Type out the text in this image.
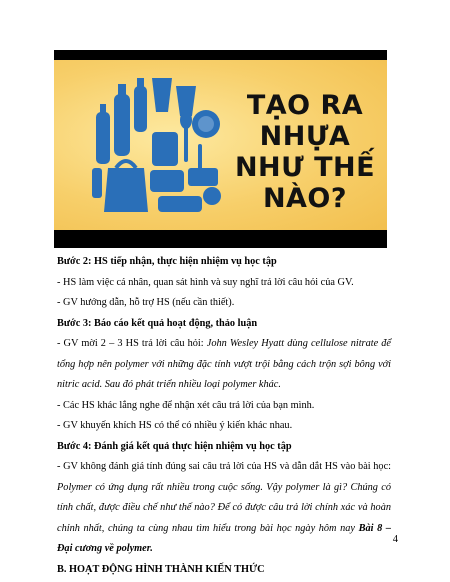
TẠO RA
NHỰA
NHƯ THẾ
NÀO?

Bước 2: HS tiếp nhận, thực hiện nhiệm vụ học tập

- HS làm việc cá nhân, quan sát hình và suy nghĩ trả lời câu hỏi của GV.

- GV hướng dẫn, hỗ trợ HS (nếu cần thiết).

Bước 3: Báo cáo kết quả hoạt động, thảo luận

- GV mời 2 – 3 HS trả lời câu hỏi: John Wesley Hyatt dùng cellulose nitrate để tổng hợp nên polymer với những đặc tính vượt trội bằng cách trộn sợi bông với nitric acid. Sau đó phát triển nhiều loại polymer khác.

- Các HS khác lắng nghe để nhận xét câu trả lời của bạn mình.

- GV khuyến khích HS có thể có nhiều ý kiến khác nhau.

Bước 4: Đánh giá kết quả thực hiện nhiệm vụ học tập

- GV không đánh giá tính đúng sai câu trả lời của HS và dẫn dắt HS vào bài học: Polymer có ứng dụng rất nhiều trong cuộc sống. Vậy polymer là gì? Chúng có tính chất, được điều chế như thế nào? Để có được câu trả lời chính xác và hoàn chỉnh nhất, chúng ta cùng nhau tìm hiểu trong bài học ngày hôm nay Bài 8 – Đại cương về polymer.

B. HOẠT ĐỘNG HÌNH THÀNH KIẾN THỨC

4
